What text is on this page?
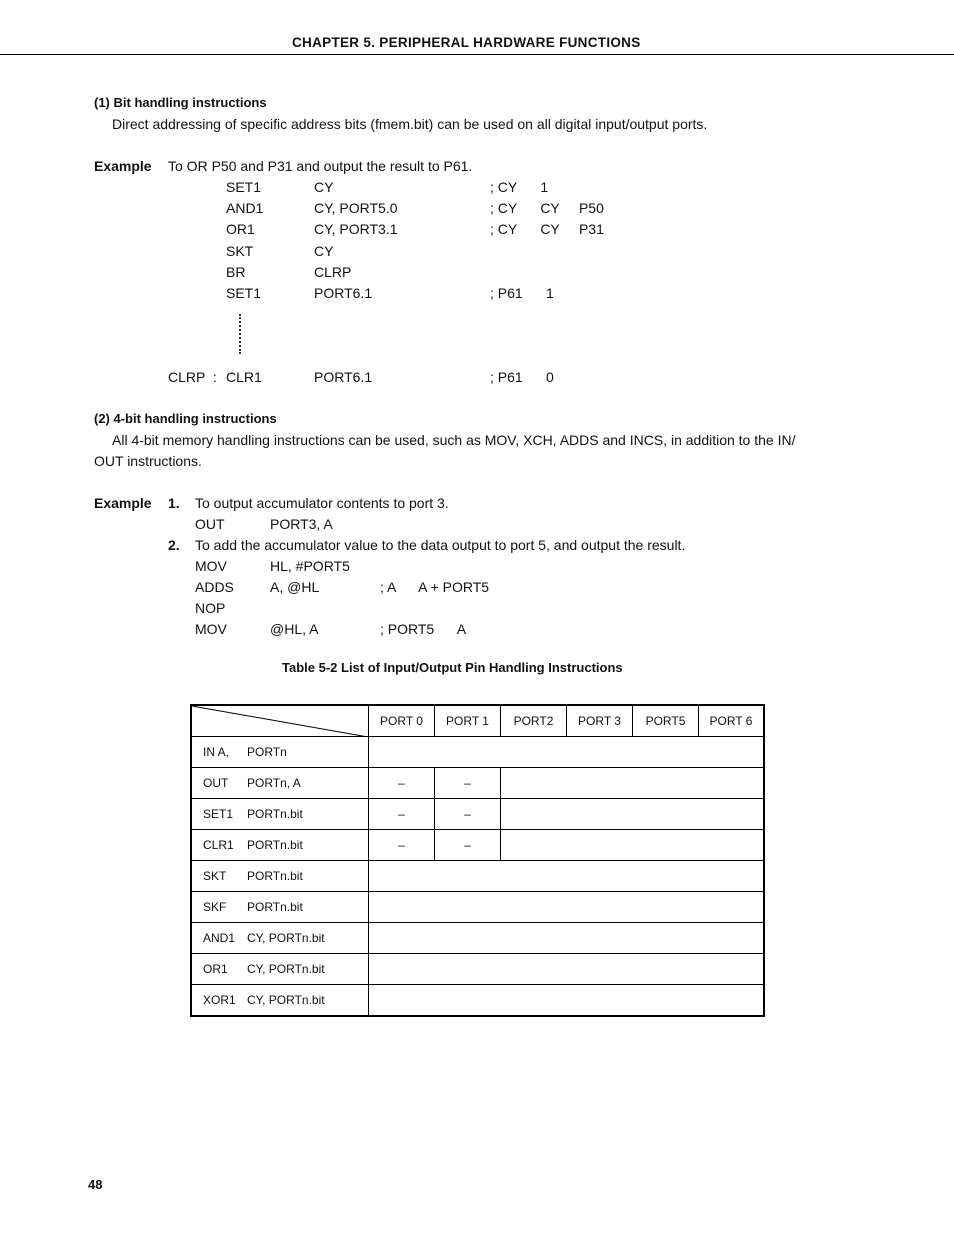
CHAPTER 5. PERIPHERAL HARDWARE FUNCTIONS
(1) Bit handling instructions
Direct addressing of specific address bits (fmem.bit) can be used on all digital input/output ports.
Example To OR P50 and P31 and output the result to P61.
SET1	CY	; CY      1
AND1	CY, PORT5.0	; CY      CY     P50
OR1	CY, PORT3.1	; CY      CY     P31
SKT	CY
BR	CLRP
SET1	PORT6.1	; P61      1
CLRP  : CLR1	PORT6.1	; P61      0
(2) 4-bit handling instructions
All 4-bit memory handling instructions can be used, such as MOV, XCH, ADDS and INCS, in addition to the IN/
OUT instructions.
Example 1. To output accumulator contents to port 3.
OUT	PORT3, A
2. To add the accumulator value to the data output to port 5, and output the result.
MOV	HL, #PORT5
ADDS	A, @HL	; A      A + PORT5
NOP
MOV	@HL, A	; PORT5      A
Table 5-2 List of Input/Output Pin Handling Instructions
	PORT 0	PORT 1	PORT2	PORT 3	PORT5	PORT 6
IN A, PORTn						
OUT PORTn, A	–	–				
SET1 PORTn.bit	–	–				
CLR1 PORTn.bit	–	–				
SKT PORTn.bit						
SKF PORTn.bit						
AND1 CY, PORTn.bit						
OR1 CY, PORTn.bit						
XOR1 CY, PORTn.bit						
48
